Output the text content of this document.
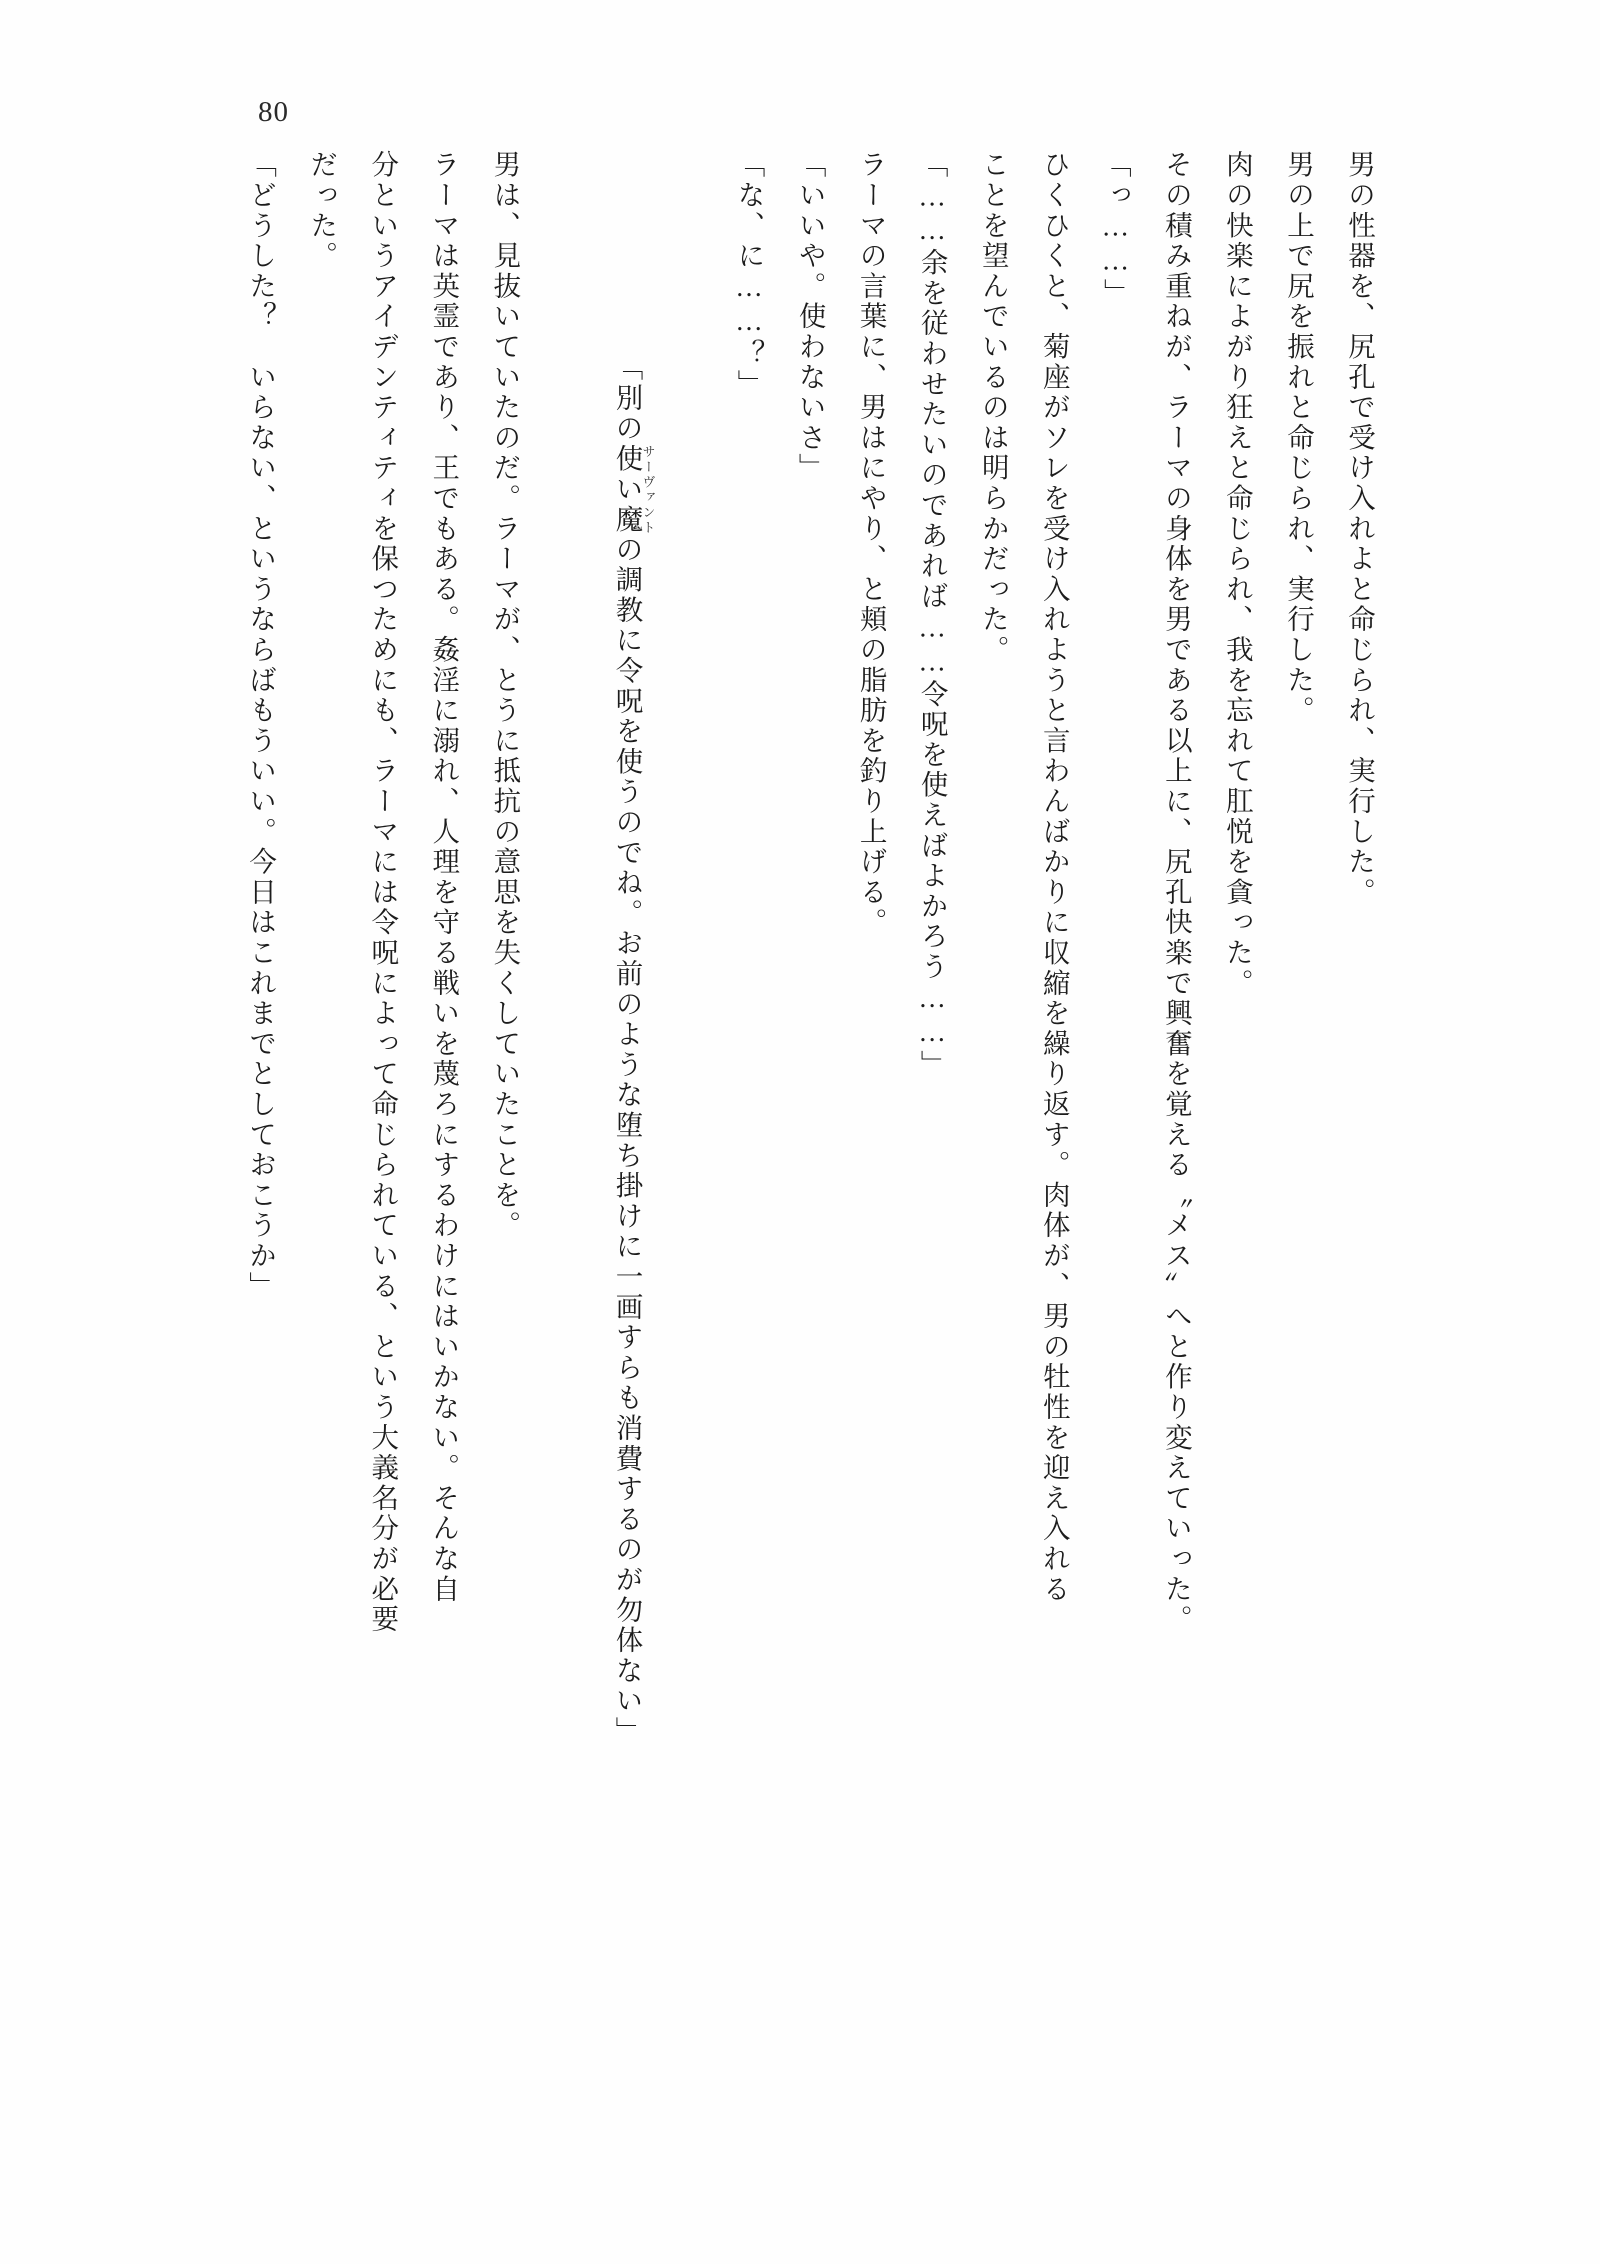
80
男の性器を、尻孔で受け入れよと命じられ、実行した。
男の上で尻を振れと命じられ、実行した。
肉の快楽によがり狂えと命じられ、我を忘れて肛悦を貪った。
その積み重ねが、ラーマの身体を男である以上に、尻孔快楽で興奮を覚える〝メス〟へと作り変えていった。
「っ……」
ひくひくと、菊座がソレを受け入れようと言わんばかりに収縮を繰り返す。肉体が、男の牡性を迎え入れる
ことを望んでいるのは明らかだった。
「……余を従わせたいのであれば……令呪を使えばよかろう……」
ラーマの言葉に、男はにやり、と頬の脂肪を釣り上げる。
「いいや。使わないさ」
「な、に……？」

「別の使い魔サーヴァントの調教に令呪を使うのでね。お前のような堕ち掛けに一画すらも消費するのが勿体ない」

男は、見抜いていたのだ。ラーマが、とうに抵抗の意思を失くしていたことを。
ラーマは英霊であり、王でもある。姦淫に溺れ、人理を守る戦いを蔑ろにするわけにはいかない。そんな自
分というアイデンティティを保つためにも、ラーマには令呪によって命じられている、という大義名分が必要
だった。
「どうした？　いらない、というならばもういい。今日はこれまでとしておこうか」
